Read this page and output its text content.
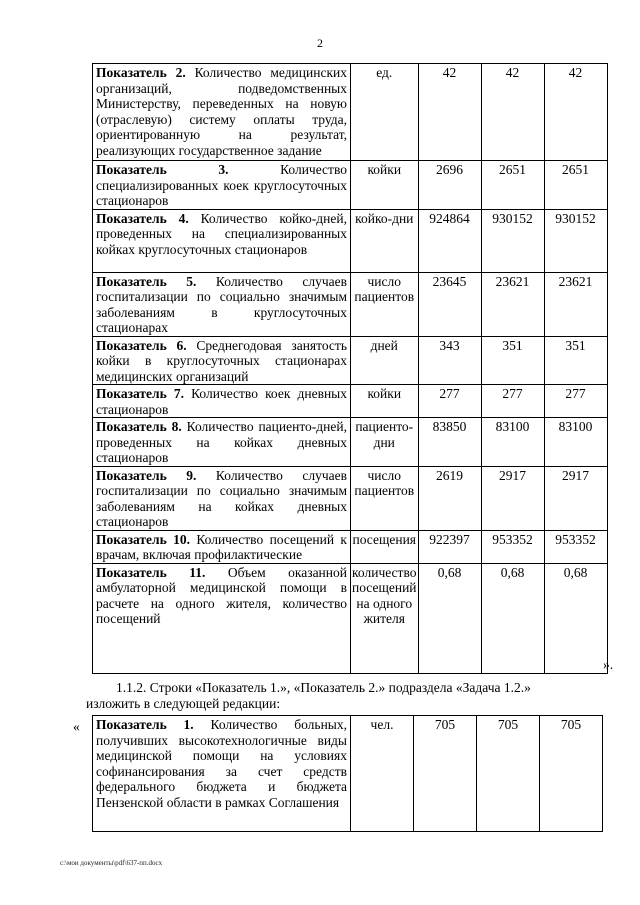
2
Показатель 2. Количество медицинских организаций, подведомственных Министерству, переведенных на новую (отраслевую) систему оплаты труда, ориентированную на результат, реализующих государственное задание	ед.	42	42	42
Показатель 3. Количество специализированных коек круглосуточных стационаров	койки	2696	2651	2651
Показатель 4. Количество койко-дней, проведенных на специализированных койках круглосуточных стационаров	койко-дни	924864	930152	930152
Показатель 5. Количество случаев госпитализации по социально значимым заболеваниям в круглосуточных стационарах	число пациентов	23645	23621	23621
Показатель 6. Среднегодовая занятость койки в круглосуточных стационарах медицинских организаций	дней	343	351	351
Показатель 7. Количество коек дневных стационаров	койки	277	277	277
Показатель 8. Количество пациенто-дней, проведенных на койках дневных стационаров	пациенто-дни	83850	83100	83100
Показатель 9. Количество случаев госпитализации по социально значимым заболеваниям на койках дневных стационаров	число пациентов	2619	2917	2917
Показатель 10. Количество посещений к врачам, включая профилактические	посещения	922397	953352	953352
Показатель 11. Объем оказанной амбулаторной медицинской помощи в расчете на одного жителя, количество посещений	количество посещений на одного жителя	0,68	0,68	0,68
».
1.1.2. Строки «Показатель 1.», «Показатель 2.» подраздела «Задача 1.2.»
изложить в следующей редакции:
« Показатель 1. Количество больных, получивших высокотехнологичные виды медицинской помощи на условиях софинансирования за счет средств федерального бюджета и бюджета Пензенской области в рамках Соглашения	чел.	705	705	705
c:\мои документы\pdf\637-пп.docx
